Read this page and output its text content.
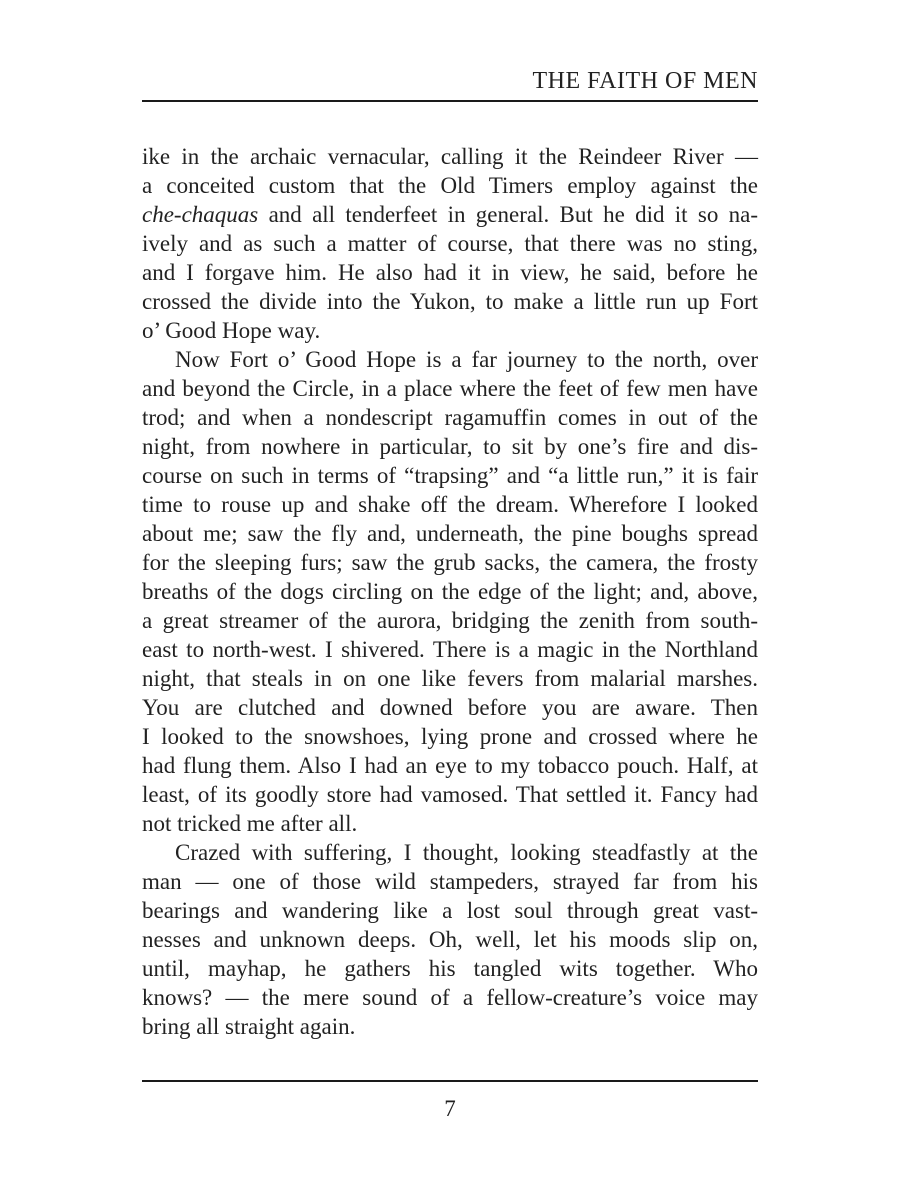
THE FAITH OF MEN

ike in the archaic vernacular, calling it the Reindeer River —
a conceited custom that the Old Timers employ against the
che-chaquas and all tenderfeet in general. But he did it so na-
ively and as such a matter of course, that there was no sting,
and I forgave him. He also had it in view, he said, before he
crossed the divide into the Yukon, to make a little run up Fort
o’ Good Hope way.

Now Fort o’ Good Hope is a far journey to the north, over
and beyond the Circle, in a place where the feet of few men have
trod; and when a nondescript ragamuffin comes in out of the
night, from nowhere in particular, to sit by one’s fire and dis-
course on such in terms of “trapsing” and “a little run,” it is fair
time to rouse up and shake off the dream. Wherefore I looked
about me; saw the fly and, underneath, the pine boughs spread
for the sleeping furs; saw the grub sacks, the camera, the frosty
breaths of the dogs circling on the edge of the light; and, above,
a great streamer of the aurora, bridging the zenith from south-
east to north-west. I shivered. There is a magic in the Northland
night, that steals in on one like fevers from malarial marshes.
You are clutched and downed before you are aware. Then
I looked to the snowshoes, lying prone and crossed where he
had flung them. Also I had an eye to my tobacco pouch. Half, at
least, of its goodly store had vamosed. That settled it. Fancy had
not tricked me after all.

Crazed with suffering, I thought, looking steadfastly at the
man — one of those wild stampeders, strayed far from his
bearings and wandering like a lost soul through great vast-
nesses and unknown deeps. Oh, well, let his moods slip on,
until, mayhap, he gathers his tangled wits together. Who
knows? — the mere sound of a fellow-creature’s voice may
bring all straight again.

7
